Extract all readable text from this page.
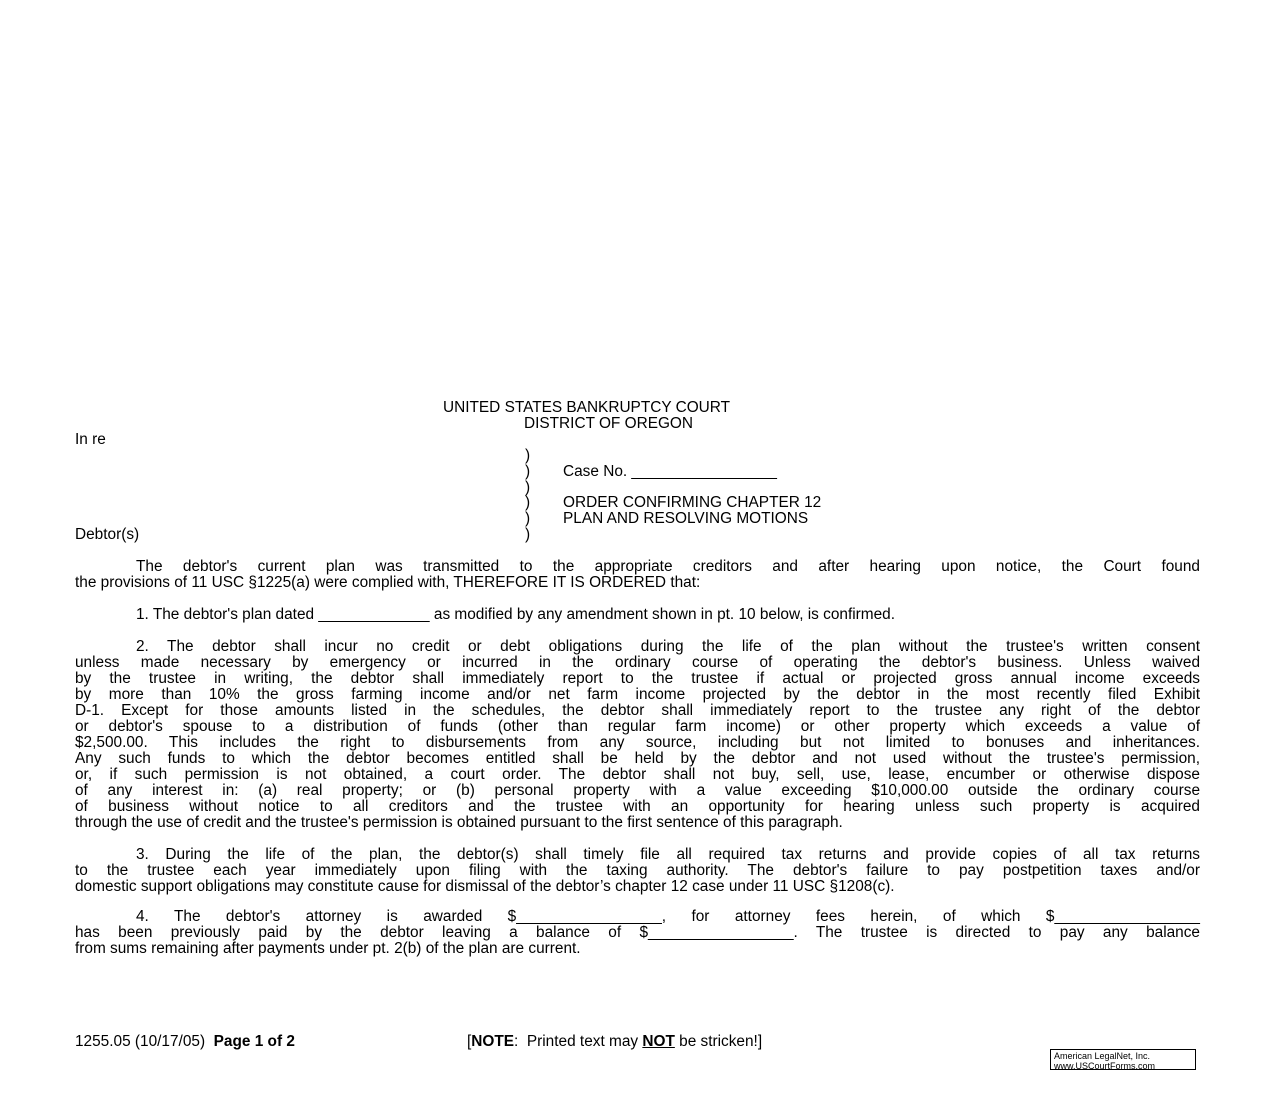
UNITED STATES BANKRUPTCY COURT
DISTRICT OF OREGON
In re
Debtor(s)
)
)
)
)
)
)
Case No. _________________
ORDER CONFIRMING CHAPTER 12
PLAN AND RESOLVING MOTIONS
The debtor's current plan was transmitted to the appropriate creditors and after hearing upon notice, the Court found
the provisions of 11 USC §1225(a) were complied with, THEREFORE IT IS ORDERED that:
1. The debtor's plan dated _____________ as modified by any amendment shown in pt. 10 below, is confirmed.
2. The debtor shall incur no credit or debt obligations during the life of the plan without the trustee's written consent
unless made necessary by emergency or incurred in the ordinary course of operating the debtor's business. Unless waived
by the trustee in writing, the debtor shall immediately report to the trustee if actual or projected gross annual income exceeds
by more than 10% the gross farming income and/or net farm income projected by the debtor in the most recently filed Exhibit
D-1. Except for those amounts listed in the schedules, the debtor shall immediately report to the trustee any right of the debtor
or debtor's spouse to a distribution of funds (other than regular farm income) or other property which exceeds a value of
$2,500.00. This includes the right to disbursements from any source, including but not limited to bonuses and inheritances.
Any such funds to which the debtor becomes entitled shall be held by the debtor and not used without the trustee's permission,
or, if such permission is not obtained, a court order. The debtor shall not buy, sell, use, lease, encumber or otherwise dispose
of any interest in: (a) real property; or (b) personal property with a value exceeding $10,000.00 outside the ordinary course
of business without notice to all creditors and the trustee with an opportunity for hearing unless such property is acquired
through the use of credit and the trustee's permission is obtained pursuant to the first sentence of this paragraph.
3. During the life of the plan, the debtor(s) shall timely file all required tax returns and provide copies of all tax returns
to the trustee each year immediately upon filing with the taxing authority. The debtor's failure to pay postpetition taxes and/or
domestic support obligations may constitute cause for dismissal of the debtor’s chapter 12 case under 11 USC §1208(c).
4. The debtor's attorney is awarded $_________________, for attorney fees herein, of which $_________________
has been previously paid by the debtor leaving a balance of $_________________. The trustee is directed to pay any balance
from sums remaining after payments under pt. 2(b) of the plan are current.
1255.05 (10/17/05) Page 1 of 2	[NOTE:  Printed text may NOT be stricken!]
American LegalNet, Inc.
www.USCourtForms.com
